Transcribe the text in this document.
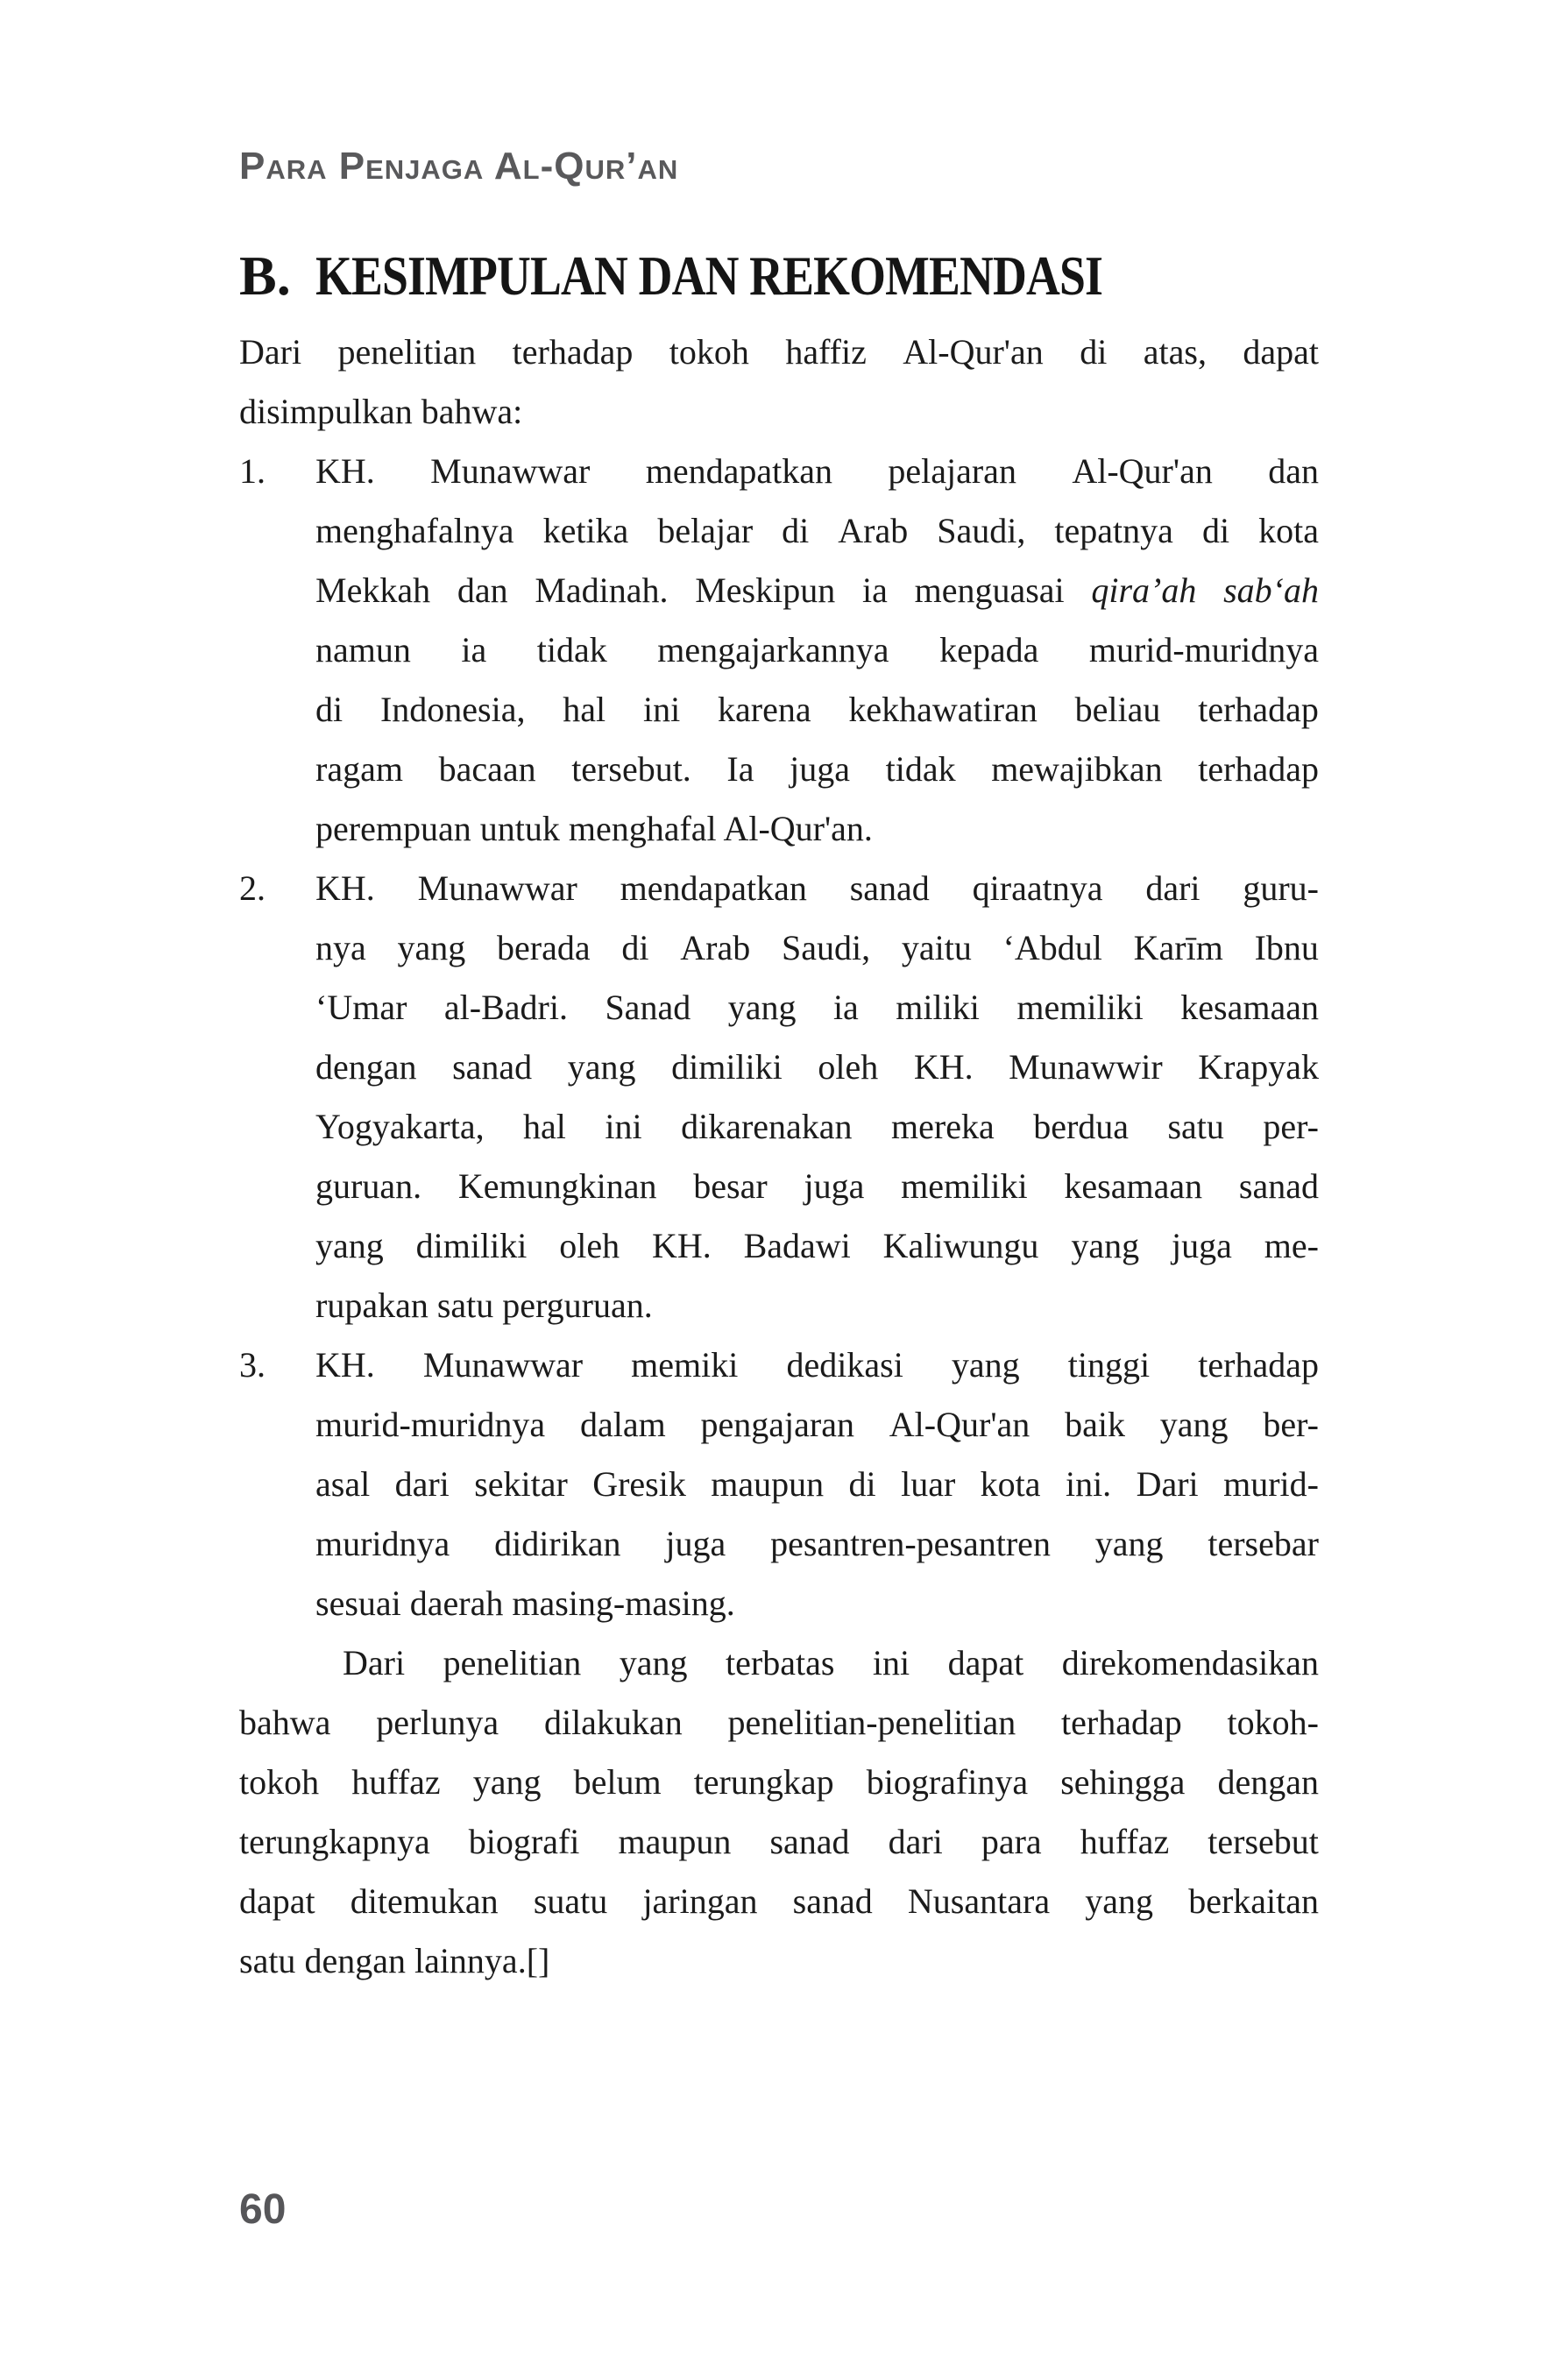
Para Penjaga Al-Qur’an
B. KESIMPULAN DAN REKOMENDASI
Dari penelitian terhadap tokoh haffiz Al-Qur'an di atas, dapat
disimpulkan bahwa:
1. KH. Munawwar mendapatkan pelajaran Al-Qur'an dan
menghafalnya ketika belajar di Arab Saudi, tepatnya di kota
Mekkah dan Madinah. Meskipun ia menguasai qira’ah sab‘ah
namun ia tidak mengajarkannya kepada murid-muridnya
di Indonesia, hal ini karena kekhawatiran beliau terhadap
ragam bacaan tersebut. Ia juga tidak mewajibkan terhadap
perempuan untuk menghafal Al-Qur'an.
2. KH. Munawwar mendapatkan sanad qiraatnya dari guru-
nya yang berada di Arab Saudi, yaitu ‘Abdul Karīm Ibnu
‘Umar al-Badri. Sanad yang ia miliki memiliki kesamaan
dengan sanad yang dimiliki oleh KH. Munawwir Krapyak
Yogyakarta, hal ini dikarenakan mereka berdua satu per-
guruan. Kemungkinan besar juga memiliki kesamaan sanad
yang dimiliki oleh KH. Badawi Kaliwungu yang juga me-
rupakan satu perguruan.
3. KH. Munawwar memiki dedikasi yang tinggi terhadap
murid-muridnya dalam pengajaran Al-Qur'an baik yang ber-
asal dari sekitar Gresik maupun di luar kota ini. Dari murid-
muridnya didirikan juga pesantren-pesantren yang tersebar
sesuai daerah masing-masing.
Dari penelitian yang terbatas ini dapat direkomendasikan
bahwa perlunya dilakukan penelitian-penelitian terhadap tokoh-
tokoh huffaz yang belum terungkap biografinya sehingga dengan
terungkapnya biografi maupun sanad dari para huffaz tersebut
dapat ditemukan suatu jaringan sanad Nusantara yang berkaitan
satu dengan lainnya.[]
60
